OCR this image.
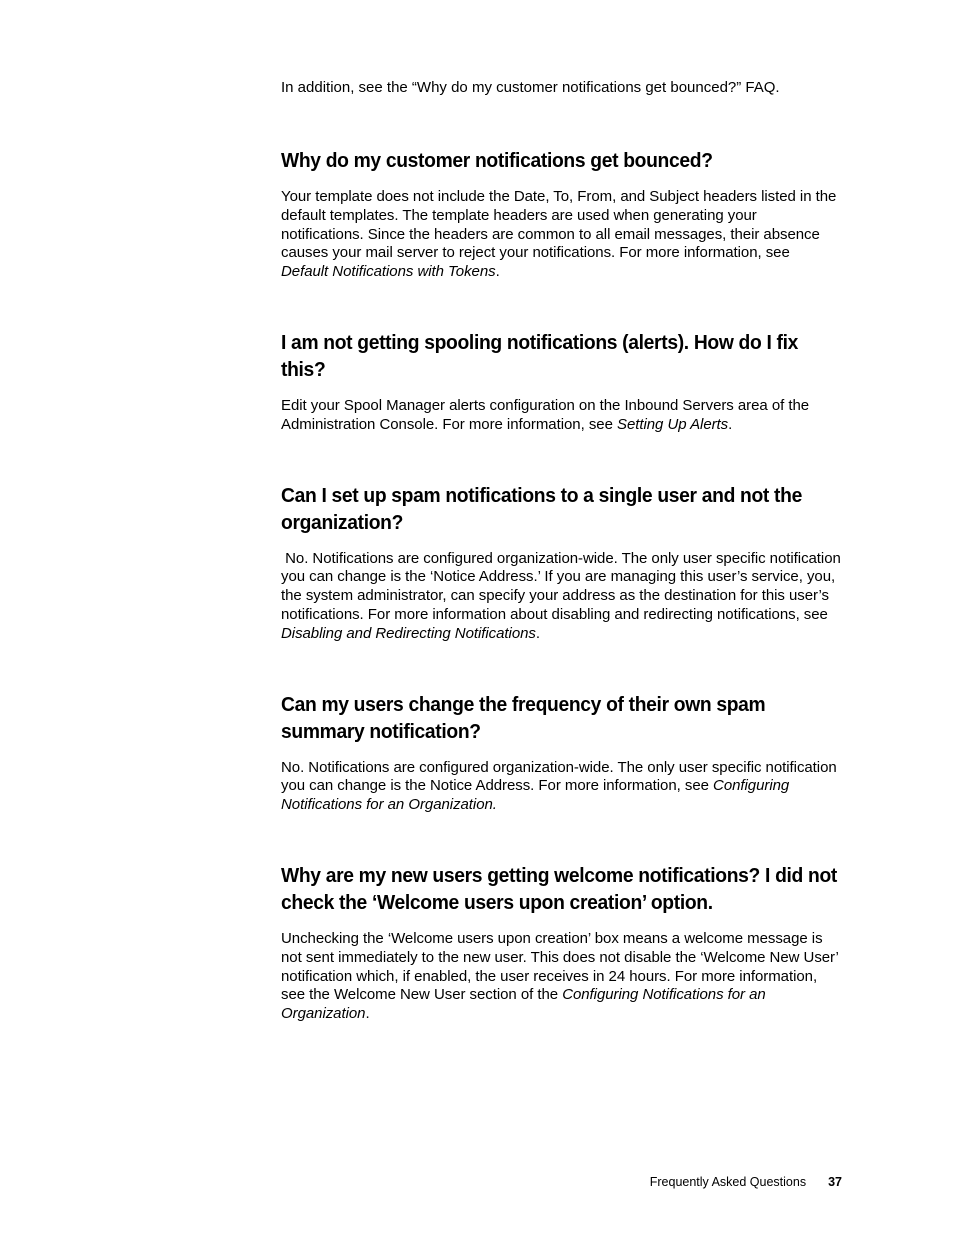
In addition, see the “Why do my customer notifications get bounced?” FAQ.

Why do my customer notifications get bounced?

Your template does not include the Date, To, From, and Subject headers listed in the default templates. The template headers are used when generating your notifications. Since the headers are common to all email messages, their absence causes your mail server to reject your notifications. For more information, see Default Notifications with Tokens.

I am not getting spooling notifications (alerts). How do I fix this?

Edit your Spool Manager alerts configuration on the Inbound Servers area of the Administration Console. For more information, see Setting Up Alerts.

Can I set up spam notifications to a single user and not the organization?

No. Notifications are configured organization-wide. The only user specific notification you can change is the ‘Notice Address.’ If you are managing this user’s service, you, the system administrator, can specify your address as the destination for this user’s notifications. For more information about disabling and redirecting notifications, see Disabling and Redirecting Notifications.

Can my users change the frequency of their own spam summary notification?

No. Notifications are configured organization-wide. The only user specific notification you can change is the Notice Address. For more information, see Configuring Notifications for an Organization.

Why are my new users getting welcome notifications? I did not check the ‘Welcome users upon creation’ option.

Unchecking the ‘Welcome users upon creation’ box means a welcome message is not sent immediately to the new user. This does not disable the ‘Welcome New User’ notification which, if enabled, the user receives in 24 hours. For more information, see the Welcome New User section of the Configuring Notifications for an Organization.

Frequently Asked Questions 37
